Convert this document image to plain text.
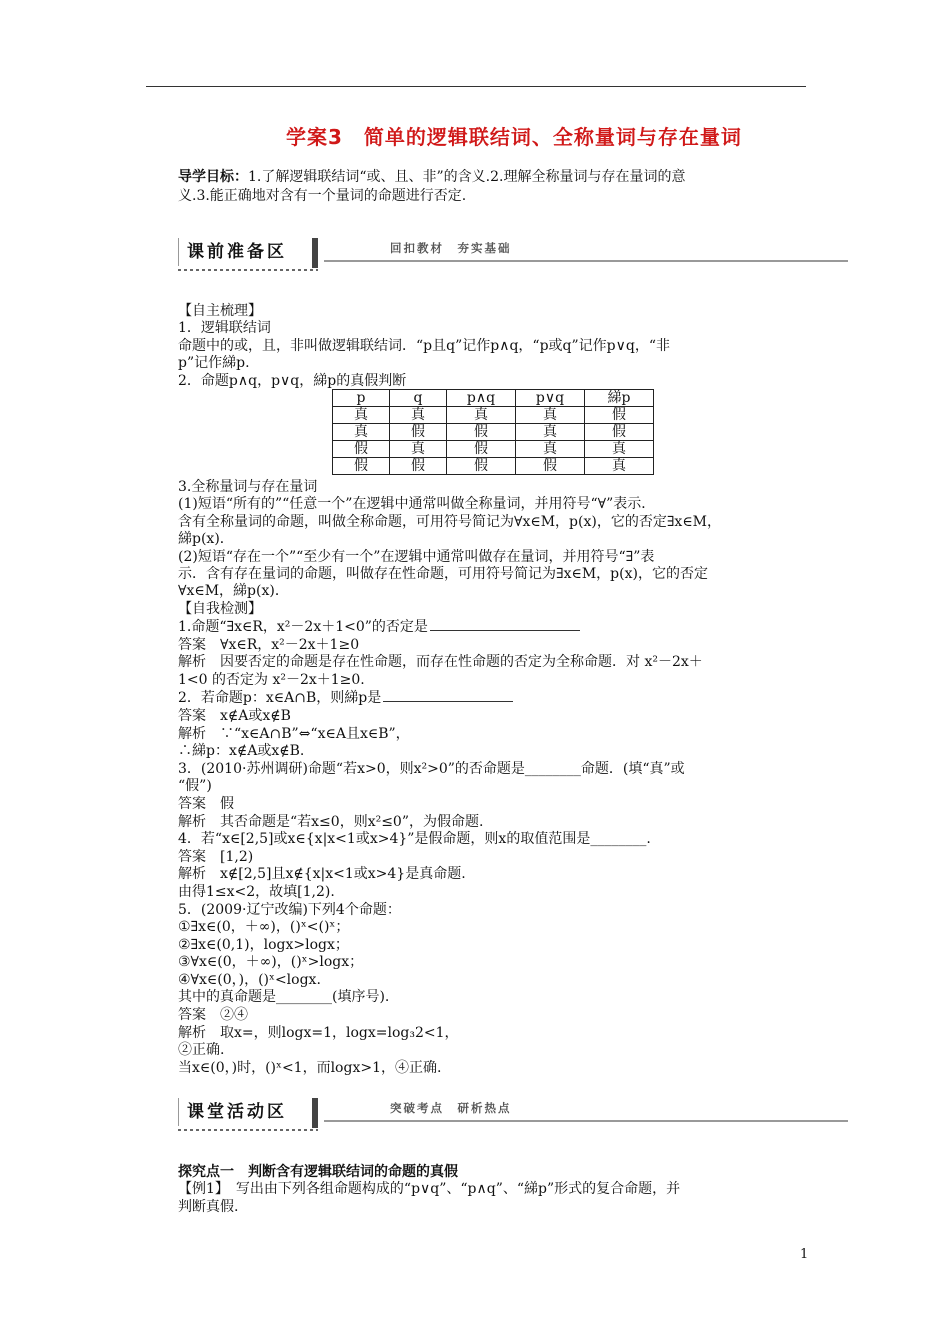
学案3　简单的逻辑联结词、全称量词与存在量词
导学目标：1.了解逻辑联结词“或、且、非”的含义.2.理解全称量词与存在量词的意
义.3.能正确地对含有一个量词的命题进行否定.
课前准备区	回扣教材　夯实基础

【自主梳理】

1．逻辑联结词

命题中的或，且，非叫做逻辑联结词．“p且q”记作p∧q，“p或q”记作p∨q，“非

p”记作綈p.

2．命题p∧q，p∨q，綈p的真假判断

p	q	p∧q	p∨q	綈p
真	真	真	真	假
真	假	假	真	假
假	真	假	真	真
假	假	假	假	真

3.全称量词与存在量词

(1)短语“所有的”“任意一个”在逻辑中通常叫做全称量词，并用符号“∀”表示．

含有全称量词的命题，叫做全称命题，可用符号简记为∀x∈M，p(x)，它的否定∃x∈M，

綈p(x)．

(2)短语“存在一个”“至少有一个”在逻辑中通常叫做存在量词，并用符号“∃”表

示．含有存在量词的命题，叫做存在性命题，可用符号简记为∃x∈M，p(x)，它的否定

∀x∈M，綈p(x)．

【自我检测】

1.命题“∃x∈R，x²－2x＋1<0”的否定是

答案　∀x∈R，x²－2x＋1≥0

解析　因要否定的命题是存在性命题，而存在性命题的否定为全称命题．对 x²－2x＋

1<0 的否定为 x²－2x＋1≥0.

2．若命题p：x∈A∩B，则綈p是

答案　x∉A或x∉B

解析　∵“x∈A∩B”⇔“x∈A且x∈B”，

∴綈p：x∉A或x∉B.

3．(2010·苏州调研)命题“若x>0，则x²>0”的否命题是________命题．(填“真”或

“假”)

答案　假

解析　其否命题是“若x≤0，则x²≤0”，为假命题.

4．若“x∈[2,5]或x∈{x|x<1或x>4}”是假命题，则x的取值范围是________.

答案　[1,2)

解析　x∉[2,5]且x∉{x|x<1或x>4}是真命题.

由得1≤x<2，故填[1,2).

5．(2009·辽宁改编)下列4个命题：

①∃x∈(0，＋∞)，()ˣ<()ˣ；

②∃x∈(0,1)，logx>logx；

③∀x∈(0，＋∞)，()ˣ>logx；

④∀x∈(0，)，()ˣ<logx.

其中的真命题是________(填序号).

答案　②④

解析　取x=，则logx=1，logx=log₃2<1，

②正确.

当x∈(0，)时，()ˣ<1，而logx>1，④正确.

课堂活动区	突破考点　研析热点

探究点一　判断含有逻辑联结词的命题的真假

【例1】　写出由下列各组命题构成的“p∨q”、“p∧q”、“綈p”形式的复合命题，并

判断真假.

1
